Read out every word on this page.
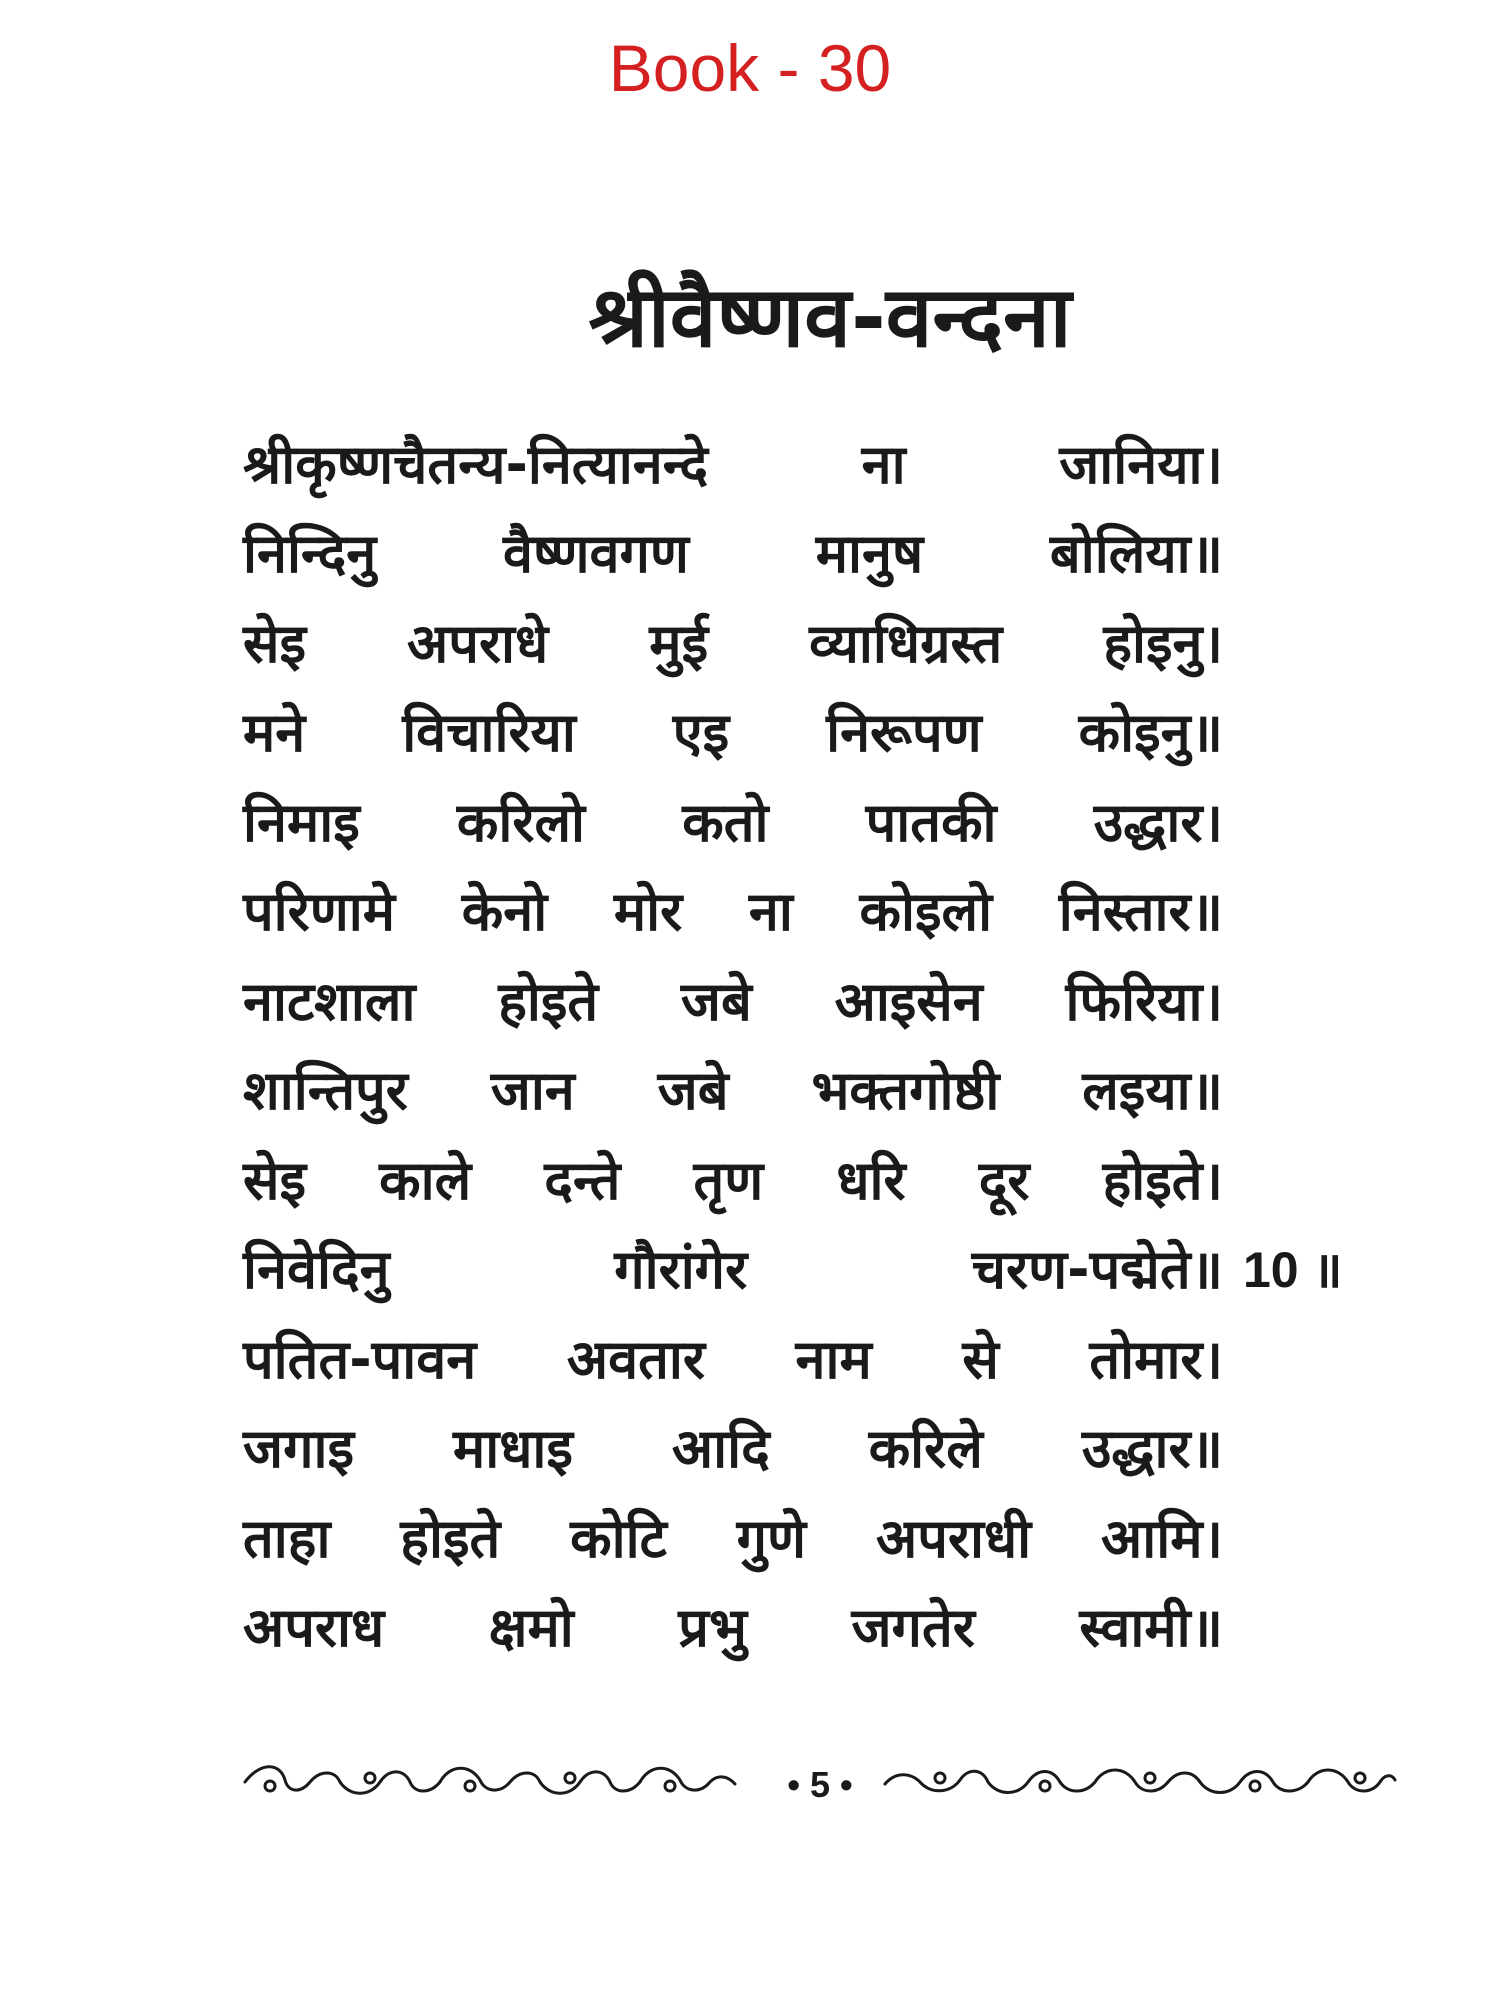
Book - 30
श्रीवैष्णव-वन्दना
श्रीकृष्णचैतन्य-नित्यानन्दे	ना	जानिया।
निन्दिनु वैष्णवगण मानुष बोलिया॥
सेइ अपराधे मुई व्याधिग्रस्त होइनु।
मने विचारिया एइ निरूपण कोइनु॥
निमाइ करिलो कतो पातकी उद्धार।
परिणामे केनो मोर ना कोइलो निस्तार॥
नाटशाला होइते जबे आइसेन फिरिया।
शान्तिपुर जान जबे भक्तगोष्ठी लइया॥
सेइ काले दन्ते तृण धरि दूर होइते।
निवेदिनु	गौरांगेर	चरण-पद्मेते॥ 10 ॥
पतित-पावन अवतार नाम से तोमार।
जगाइ माधाइ आदि करिले उद्धार॥
ताहा होइते कोटि गुणे अपराधी आमि।
अपराध क्षमो प्रभु जगतेर स्वामी॥
• 5 •
